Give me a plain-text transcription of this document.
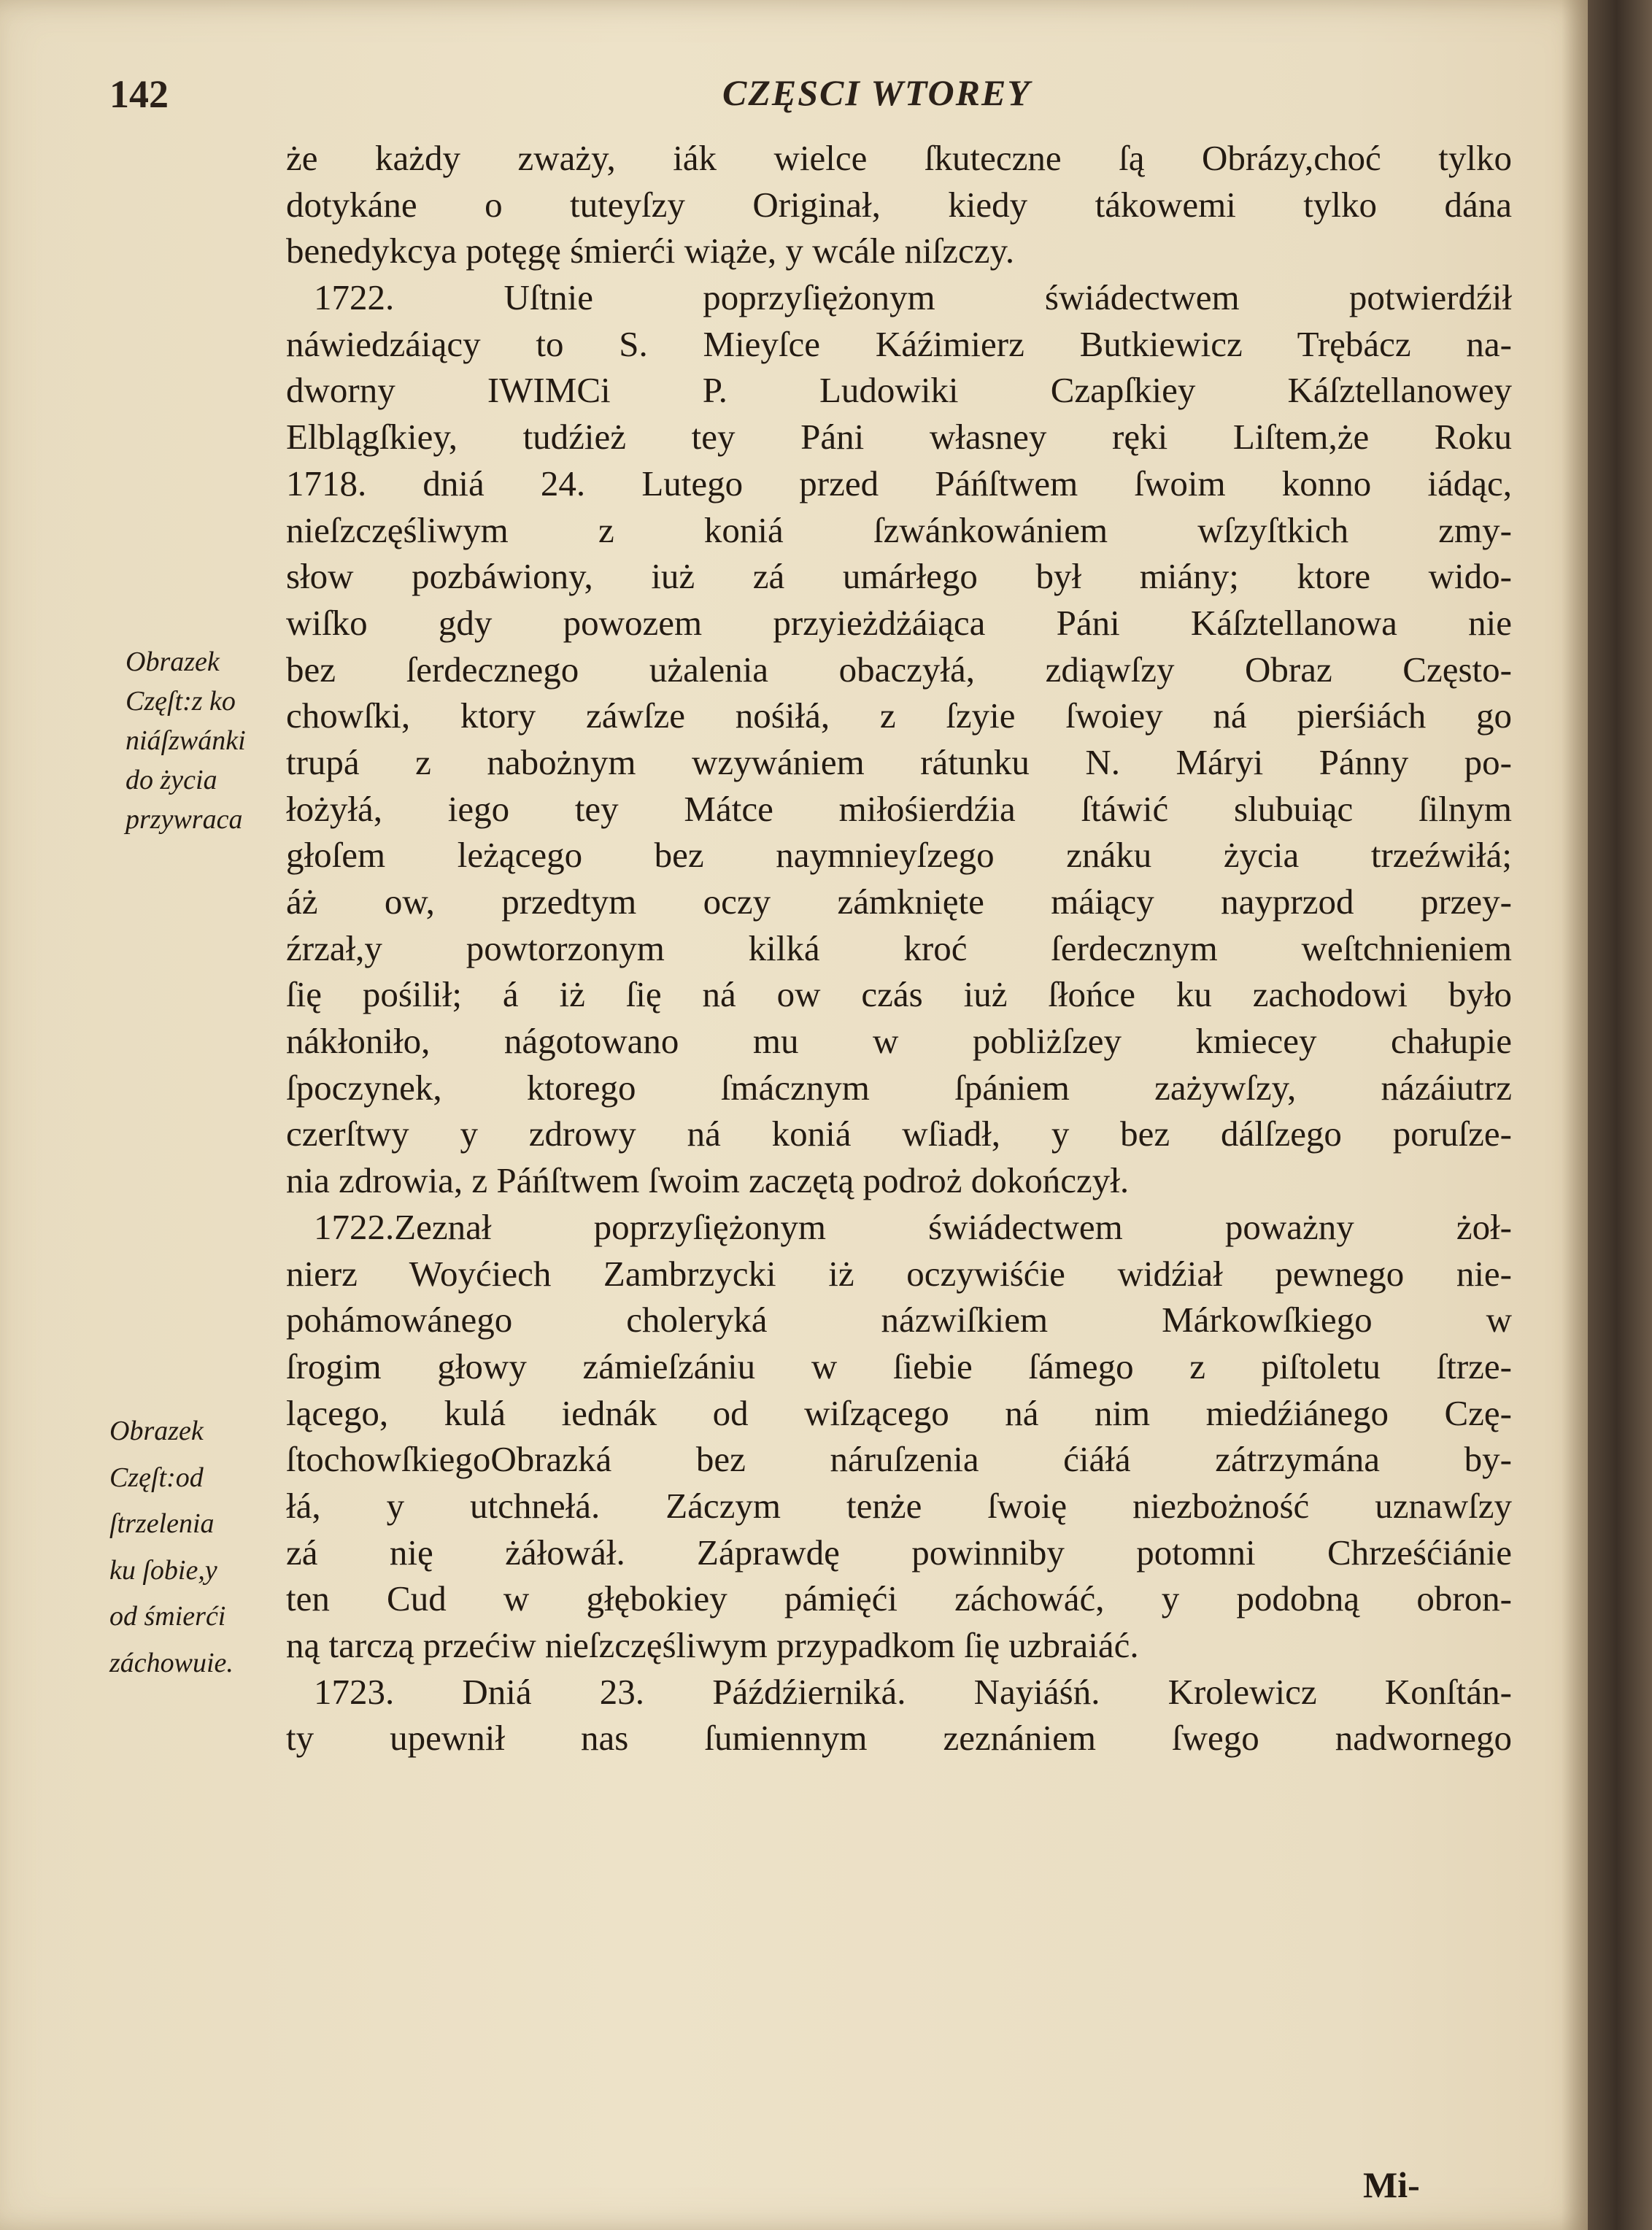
142	CZĘSCI WTOREY
że każdy zważy, iák wielce ſkuteczne ſą Obrázy,choć tylko
dotykáne o tuteyſzy Originał, kiedy tákowemi tylko dána
benedykcya potęgę śmierći wiąże, y wcále niſzczy.
1722. Uſtnie poprzyſiężonym świádectwem potwierdźił
náwiedzáiący to S. Mieyſce Káźimierz Butkiewicz Trębácz na-
dworny IWIMCi P. Ludowiki Czapſkiey Káſztellanowey
Elblągſkiey, tudźież tey Páni własney ręki Liſtem,że Roku
1718. dniá 24. Lutego przed Páńſtwem ſwoim konno iádąc,
nieſzczęśliwym z koniá ſzwánkowániem wſzyſtkich zmy-
słow pozbáwiony, iuż zá umárłego był miány; ktore wido-
wiſko gdy powozem przyieżdżáiąca Páni Káſztellanowa nie
bez ſerdecznego użalenia obaczyłá, zdiąwſzy Obraz Często-
chowſki, ktory záwſze nośiłá, z ſzyie ſwoiey ná pierśiách go
trupá z nabożnym wzywániem rátunku N. Máryi Pánny po-
łożyłá, iego tey Mátce miłośierdźia ſtáwić slubuiąc ſilnym
głoſem leżącego bez naymnieyſzego znáku życia trzeźwiłá;
áż ow, przedtym oczy zámknięte máiący nayprzod przey-
źrzał,y powtorzonym kilká kroć ſerdecznym weſtchnieniem
ſię pośilił; á iż ſię ná ow czás iuż ſłońce ku zachodowi było
nákłoniło, nágotowano mu w pobliżſzey kmiecey chałupie
ſpoczynek, ktorego ſmácznym ſpániem zażywſzy, názáiutrz
czerſtwy y zdrowy ná koniá wſiadł, y bez dálſzego poruſze-
nia zdrowia, z Páńſtwem ſwoim zaczętą podroż dokończył.
1722.Zeznał poprzyſiężonym świádectwem poważny żoł-
nierz Woyćiech Zambrzycki iż oczywiśćie widźiał pewnego nie-
pohámowánego choleryká názwiſkiem Márkowſkiego w
ſrogim głowy zámieſzániu w ſiebie ſámego z piſtoletu ſtrze-
lącego, kulá iednák od wiſzącego ná nim miedźiánego Czę-
ſtochowſkiegoObrazká bez náruſzenia ćiáłá zátrzymána by-
łá, y utchnełá. Záczym tenże ſwoię niezbożność uznawſzy
zá nię żáłowáł. Záprawdę powinniby potomni Chrześćiánie
ten Cud w głębokiey pámięći záchowáć, y podobną obron-
ną tarczą przećiw nieſzczęśliwym przypadkom ſię uzbraiáć.
1723. Dniá 23. Páźdźierniká. Nayiáśń. Krolewicz Konſtán-
ty upewnił nas ſumiennym zeznániem ſwego nadwornego
Mi-
Obrazek
Częſt:z ko
niáſzwánki
do życia
przywraca
Obrazek
Częſt:od
ſtrzelenia
ku ſobie,y
od śmierći
záchowuie.
